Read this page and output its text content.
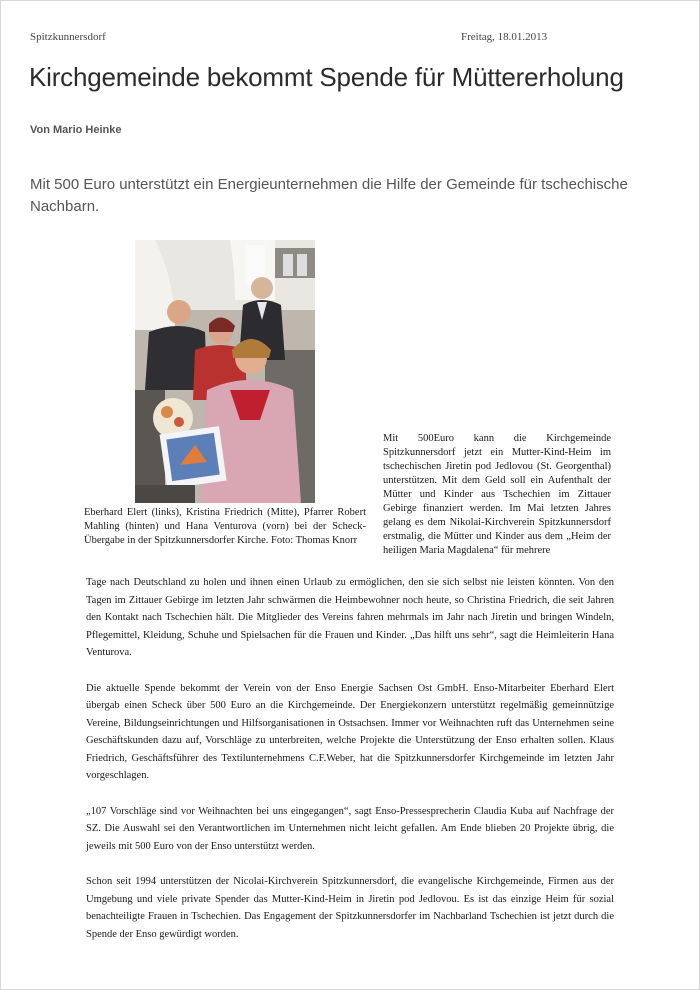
Spitzkunnersdorf	Freitag, 18.01.2013
Kirchgemeinde bekommt Spende für Müttererholung
Von Mario Heinke
Mit 500 Euro unterstützt ein Energieunternehmen die Hilfe der Gemeinde für tschechische Nachbarn.
Eberhard Elert (links), Kristina Friedrich (Mitte), Pfarrer Robert Mahling (hinten) und Hana Venturova (vorn) bei der Scheck-Übergabe in der Spitzkunnersdorfer Kirche. Foto: Thomas Knorr
Mit 500Euro kann die Kirchgemeinde Spitzkunnersdorf jetzt ein Mutter-Kind-Heim im tschechischen Jiretin pod Jedlovou (St. Georgenthal) unterstützen. Mit dem Geld soll ein Aufenthalt der Mütter und Kinder aus Tschechien im Zittauer Gebirge finanziert werden. Im Mai letzten Jahres gelang es dem Nikolai-Kirchverein Spitzkunnersdorf erstmalig, die Mütter und Kinder aus dem „Heim der heiligen Maria Magdalena“ für mehrere

Tage nach Deutschland zu holen und ihnen einen Urlaub zu ermöglichen, den sie sich selbst nie leisten könnten. Von den Tagen im Zittauer Gebirge im letzten Jahr schwärmen die Heimbewohner noch heute, so Christina Friedrich, die seit Jahren den Kontakt nach Tschechien hält. Die Mitglieder des Vereins fahren mehrmals im Jahr nach Jiretin und bringen Windeln, Pflegemittel, Kleidung, Schuhe und Spielsachen für die Frauen und Kinder. „Das hilft uns sehr“, sagt die Heimleiterin Hana Venturova.

Die aktuelle Spende bekommt der Verein von der Enso Energie Sachsen Ost GmbH. Enso-Mitarbeiter Eberhard Elert übergab einen Scheck über 500 Euro an die Kirchgemeinde. Der Energiekonzern unterstützt regelmäßig gemeinnützige Vereine, Bildungseinrichtungen und Hilfsorganisationen in Ostsachsen. Immer vor Weihnachten ruft das Unternehmen seine Geschäftskunden dazu auf, Vorschläge zu unterbreiten, welche Projekte die Unterstützung der Enso erhalten sollen. Klaus Friedrich, Geschäftsführer des Textilunternehmens C.F.Weber, hat die Spitzkunnersdorfer Kirchgemeinde im letzten Jahr vorgeschlagen.

„107 Vorschläge sind vor Weihnachten bei uns eingegangen“, sagt Enso-Pressesprecherin Claudia Kuba auf Nachfrage der SZ. Die Auswahl sei den Verantwortlichen im Unternehmen nicht leicht gefallen. Am Ende blieben 20 Projekte übrig, die jeweils mit 500 Euro von der Enso unterstützt werden.

Schon seit 1994 unterstützen der Nicolai-Kirchverein Spitzkunnersdorf, die evangelische Kirchgemeinde, Firmen aus der Umgebung und viele private Spender das Mutter-Kind-Heim in Jiretin pod Jedlovou. Es ist das einzige Heim für sozial benachteiligte Frauen in Tschechien. Das Engagement der Spitzkunnersdorfer im Nachbarland Tschechien ist jetzt durch die Spende der Enso gewürdigt worden.
